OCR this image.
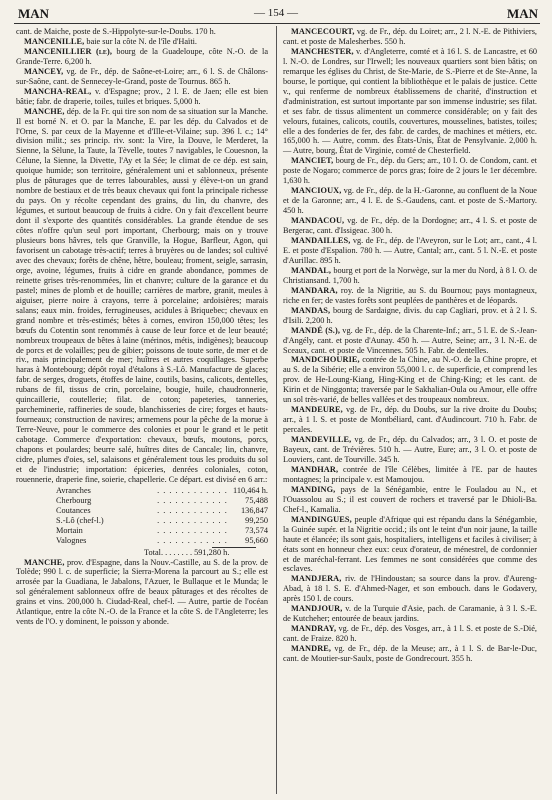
MAN	— 154 —	MAN

cant. de Maiche, poste de S.-Hippolyte-sur-le-Doubs. 170 h.

MANCENILLE, baie sur la côte N. de l'île d'Haïti.

MANCENILLIER (le), bourg de la Guadeloupe, côte N.-O. de la Grande-Terre. 6,200 h.

MANCEY, vg. de Fr., dép. de Saône-et-Loire; arr., 6 l. S. de Châlons-sur-Saône, cant. de Sennecey-le-Grand, poste de Tournus. 865 h.

MANCHA-REAL, v. d'Espagne; prov., 2 l. E. de Jaen; elle est bien bâtie; fabr. de draperie, toiles, tuiles et briques. 5,000 h.

MANCHE, dép. de la Fr. qui tire son nom de sa situation sur la Manche. Il est borné N. et O. par la Manche, E. par les dép. du Calvados et de l'Orne, S. par ceux de la Mayenne et d'Ille-et-Vilaine; sup. 396 l. c.; 14° division milit.; ses princip. riv. sont: la Vire, la Douve, le Merderet, la Sienne, la Sèlune, la Taute, la Tèvelle, toutes 7 navigables, le Couesnon, la Célune, la Sienne, la Divette, l'Ay et la Sée; le climat de ce dép. est sain, quoique humide; son territoire, généralement uni et sablonneux, présente plus de pâturages que de terres labourables, aussi y élève-t-on un grand nombre de bestiaux et de très beaux chevaux qui font la principale richesse du pays. On y récolte cependant des grains, du lin, du chanvre, des légumes, et surtout beaucoup de fruits à cidre. On y fait d'excellent beurre dont il s'exporte des quantités considérables. La grande étendue de ses côtes n'offre qu'un seul port important, Cherbourg; mais on y trouve plusieurs bons hâvres, tels que Granville, la Hogue, Barfleur, Agon, qui favorisent un cabotage très-actif; terres à bruyères ou de landes; sol cultivé avec des chevaux; forêts de chêne, hêtre, bouleau; froment, seigle, sarrasin, orge, avoine, légumes, fruits à cidre en grande abondance, pommes de reinette grises très-renommées, lin et chanvre; culture de la garance et du pastel; mines de plomb et de houille; carrières de marbre, granit, meules à aiguiser, pierre noire à crayons, terre à porcelaine; ardoisières; marais salans; eaux min. froides, ferrugineuses, acidules à Briquebec; chevaux en grand nombre et très-estimés; bêtes à cornes, environ 150,000 têtes; les bœufs du Cotentin sont renommés à cause de leur force et de leur beauté; nombreux troupeaux de bêtes à laine (mérinos, métis, indigènes); beaucoup de porcs et de volailles; peu de gibier; poissons de toute sorte, de mer et de riv., mais principalement de mer; huîtres et autres coquillages. Superbe haras à Montebourg; dépôt royal d'étalons à S.-Lô. Manufacture de glaces; fabr. de serges, droguets, étoffes de laine, coutils, basins, calicots, dentelles, rubans de fil, tissus de crin, porcelaine, bougie, huile, chaudronnerie, quincaillerie, coutellerie; filat. de coton; papeteries, tanneries, parcheminerie, raffineries de soude, blanchisseries de cire; forges et hauts-fourneaux; construction de navires; armemens pour la pêche de la morue à Terre-Neuve, pour le commerce des colonies et pour le grand et le petit cabotage. Commerce d'exportation: chevaux, bœufs, moutons, porcs, chapons et poulardes; beurre salé, huîtres dites de Cancale; lin, chanvre, cidre, plumes d'oies, sel, salaisons et généralement tous les produits du sol et de l'industrie; importation: épiceries, denrées coloniales, coton, rouennerie, draperie fine, soierie, chapellerie. Ce départ. est divisé en 6 arr.:

Avranches	. . . . . . . . . . . .	110,464 h.
Cherbourg	. . . . . . . . . . . .	75,488
Coutances	. . . . . . . . . . . .	136,847
S.-Lô (chef-l.)	. . . . . . . . . . . .	99,250
Mortain	. . . . . . . . . . . .	73,574
Valognes	. . . . . . . . . . . .	95,660
Total. . . . . . . . 591,280 h.

MANCHE, prov. d'Espagne, dans la Nouv.-Castille, au S. de la prov. de Tolède; 990 l. c. de superficie; la Sierra-Morena la parcourt au S.; elle est arrosée par la Guadiana, le Jabalons, l'Azuer, le Bullaque et le Munda; le sol généralement sablonneux offre de beaux pâturages et des récoltes de grains et vins. 200,000 h. Ciudad-Real, chef-l. — Autre, partie de l'océan Atlantique, entre la côte N.-O. de la France et la côte S. de l'Angleterre; les vents de l'O. y dominent, le poisson y abonde.

MANCECOURT, vg. de Fr., dép. du Loiret; arr., 2 l. N.-E. de Pithiviers, cant. et poste de Malesherbes. 550 h.

MANCHESTER, v. d'Angleterre, comté et à 16 l. S. de Lancastre, et 60 l. N.-O. de Londres, sur l'Irwell; les nouveaux quartiers sont bien bâtis; on remarque les églises du Christ, de Ste-Marie, de S.-Pierre et de Ste-Anne, la bourse, le portique, qui contient la bibliothèque et le palais de justice. Cette v., qui renferme de nombreux établissemens de charité, d'instruction et d'administration, est surtout importante par son immense industrie; ses filat. et ses fabr. de tissus alimentent un commerce considérable; on y fait des velours, futaines, calicots, coutils, couvertures, mousselines, batistes, toiles; elle a des fonderies de fer, des fabr. de cardes, de machines et métiers, etc. 165,000 h. — Autre, comm. des États-Unis, État de Pensylvanie. 2,000 h. — Autre, bourg, État de Virginie, comté de Chesterfield.

MANCIET, bourg de Fr., dép. du Gers; arr., 10 l. O. de Condom, cant. et poste de Nogaro; commerce de porcs gras; foire de 2 jours le 1er décembre. 1,630 h.

MANCIOUX, vg. de Fr., dép. de la H.-Garonne, au confluent de la Noue et de la Garonne; arr., 4 l. E. de S.-Gaudens, cant. et poste de S.-Martory. 450 h.

MANDACOU, vg. de Fr., dép. de la Dordogne; arr., 4 l. S. et poste de Bergerac, cant. d'Issigeac. 300 h.

MANDAILLES, vg. de Fr., dép. de l'Aveyron, sur le Lot; arr., cant., 4 l. E. et poste d'Espalion. 780 h. — Autre, Cantal; arr., cant. 5 l. N.-E. et poste d'Aurillac. 895 h.

MANDAL, bourg et port de la Norwège, sur la mer du Nord, à 8 l. O. de Christiansand. 1,700 h.

MANDARA, roy. de la Nigritie, au S. du Bournou; pays montagneux, riche en fer; de vastes forêts sont peuplées de panthères et de léopards.

MANDAS, bourg de Sardaigne, divis. du cap Cagliari, prov. et à 2 l. S. d'Isili. 2,200 h.

MANDÉ (S.), vg. de Fr., dép. de la Charente-Inf.; arr., 5 l. E. de S.-Jean-d'Angély, cant. et poste d'Aunay. 450 h. — Autre, Seine; arr., 3 l. N.-E. de Sceaux, cant. et poste de Vincennes. 505 h. Fabr. de dentelles.

MANDCHOURIE, contrée de la Chine, au N.-O. de la Chine propre, et au S. de la Sibérie; elle a environ 55,000 l. c. de superficie, et comprend les prov. de He-Loung-Kiang, Hing-King et de Ching-King; et les cant. de Kirin et de Ninggonta; traversée par le Sakhalian-Oula ou Amour, elle offre un sol très-varié, de belles vallées et des troupeaux nombreux.

MANDEURE, vg. de Fr., dép. du Doubs, sur la rive droite du Doubs; arr., à 1 l. S. et poste de Montbéliard, cant. d'Audincourt. 710 h. Fabr. de percales.

MANDEVILLE, vg. de Fr., dép. du Calvados; arr., 3 l. O. et poste de Bayeux, cant. de Trévières. 510 h. — Autre, Eure; arr., 3 l. O. et poste de Louviers, cant. de Tourville. 345 h.

MANDHAR, contrée de l'île Célèbes, limitée à l'E. par de hautes montagnes; la principale v. est Mamoujou.

MANDING, pays de la Sénégambie, entre le Fouladou au N., et l'Ouassolou au S.; il est couvert de rochers et traversé par le Dhioli-Ba. Chef-l., Kamalia.

MANDINGUES, peuple d'Afrique qui est répandu dans la Sénégambie, la Guinée supér. et la Nigritie occid.; ils ont le teint d'un noir jaune, la taille haute et élancée; ils sont gais, hospitaliers, intelligens et faciles à civiliser; à états sont en honneur chez eux: ceux d'orateur, de ménestrel, de cordonnier et de maréchal-ferrant. Les femmes ne sont considérées que comme des esclaves.

MANDJERA, riv. de l'Hindoustan; sa source dans la prov. d'Aureng-Abad, à 18 l. S. E. d'Ahmed-Nager, et son embouch. dans le Godavery, après 150 l. de cours.

MANDJOUR, v. de la Turquie d'Asie, pach. de Caramanie, à 3 l. S.-E. de Kutcheher; entourée de beaux jardins.

MANDRAY, vg. de Fr., dép. des Vosges, arr., à 1 l. S. et poste de S.-Dié, cant. de Fraize. 820 h.

MANDRE, vg. de Fr., dép. de la Meuse; arr., à 1 l. S. de Bar-le-Duc, cant. de Moutier-sur-Saulx, poste de Gondrecourt. 355 h.
